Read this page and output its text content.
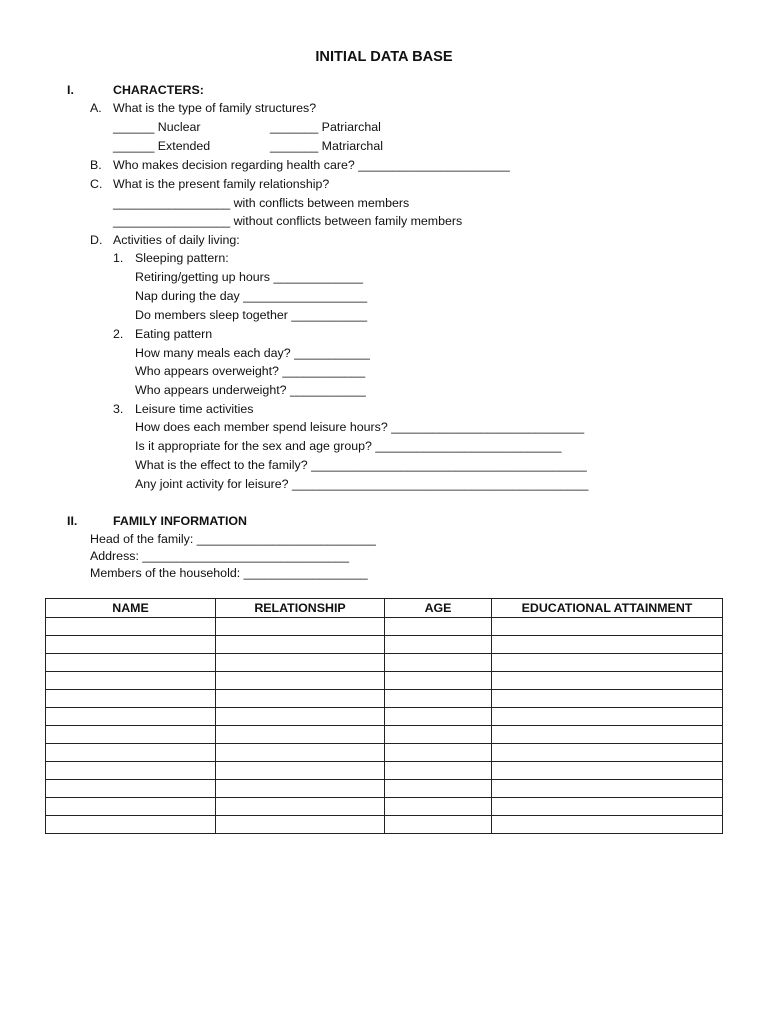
INITIAL DATA BASE
I.	CHARACTERS:
A. What is the type of family structures?
______ Nuclear	_______ Patriarchal
______ Extended	_______ Matriarchal
B. Who makes decision regarding health care? ______________________
C. What is the present family relationship?
_________________ with conflicts between members
_________________ without conflicts between family members
D. Activities of daily living:
1. Sleeping pattern:
Retiring/getting up hours _____________
Nap during the day __________________
Do members sleep together ___________
2. Eating pattern
How many meals each day? ___________
Who appears overweight? ____________
Who appears underweight? ___________
3. Leisure time activities
How does each member spend leisure hours? ____________________________
Is it appropriate for the sex and age group? ___________________________
What is the effect to the family? ________________________________________
Any joint activity for leisure? ___________________________________________
II.	FAMILY INFORMATION
Head of the family: __________________________
Address: ______________________________
Members of the household: __________________
NAME	RELATIONSHIP	AGE	EDUCATIONAL ATTAINMENT
